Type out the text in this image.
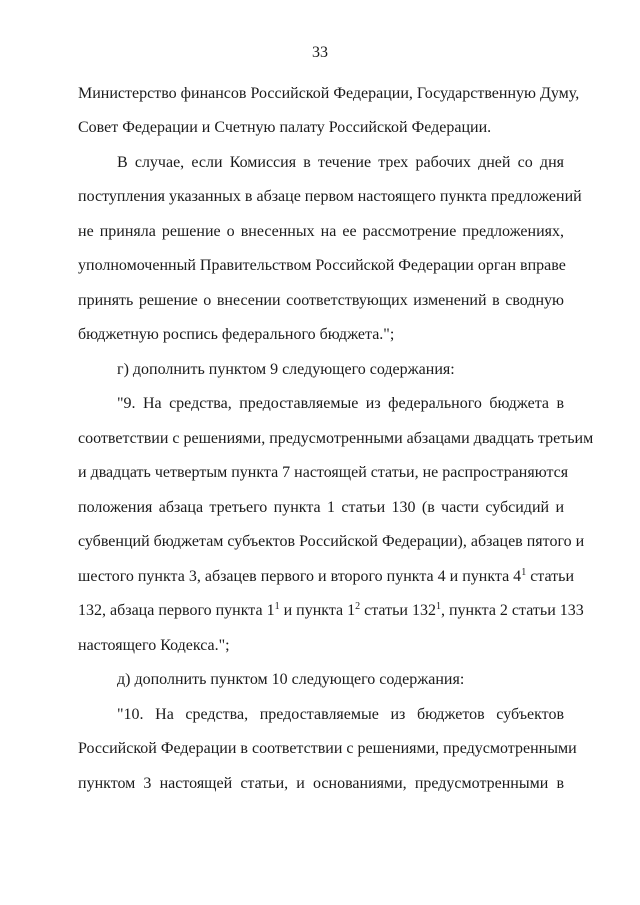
33
Министерство финансов Российской Федерации, Государственную Думу,
Совет Федерации и Счетную палату Российской Федерации.
В случае, если Комиссия в течение трех рабочих дней со дня
поступления указанных в абзаце первом настоящего пункта предложений
не приняла решение о внесенных на ее рассмотрение предложениях,
уполномоченный Правительством Российской Федерации орган вправе
принять решение о внесении соответствующих изменений в сводную
бюджетную роспись федерального бюджета.";
г) дополнить пунктом 9 следующего содержания:
"9. На средства, предоставляемые из федерального бюджета в
соответствии с решениями, предусмотренными абзацами двадцать третьим
и двадцать четвертым пункта 7 настоящей статьи, не распространяются
положения абзаца третьего пункта 1 статьи 130 (в части субсидий и
субвенций бюджетам субъектов Российской Федерации), абзацев пятого и
шестого пункта 3, абзацев первого и второго пункта 4 и пункта $4^1$ статьи
132, абзаца первого пункта $1^1$ и пункта $1^2$ статьи $132^1$, пункта 2 статьи 133
настоящего Кодекса.";
д) дополнить пунктом 10 следующего содержания:
"10. На средства, предоставляемые из бюджетов субъектов
Российской Федерации в соответствии с решениями, предусмотренными
пунктом 3 настоящей статьи, и основаниями, предусмотренными в
